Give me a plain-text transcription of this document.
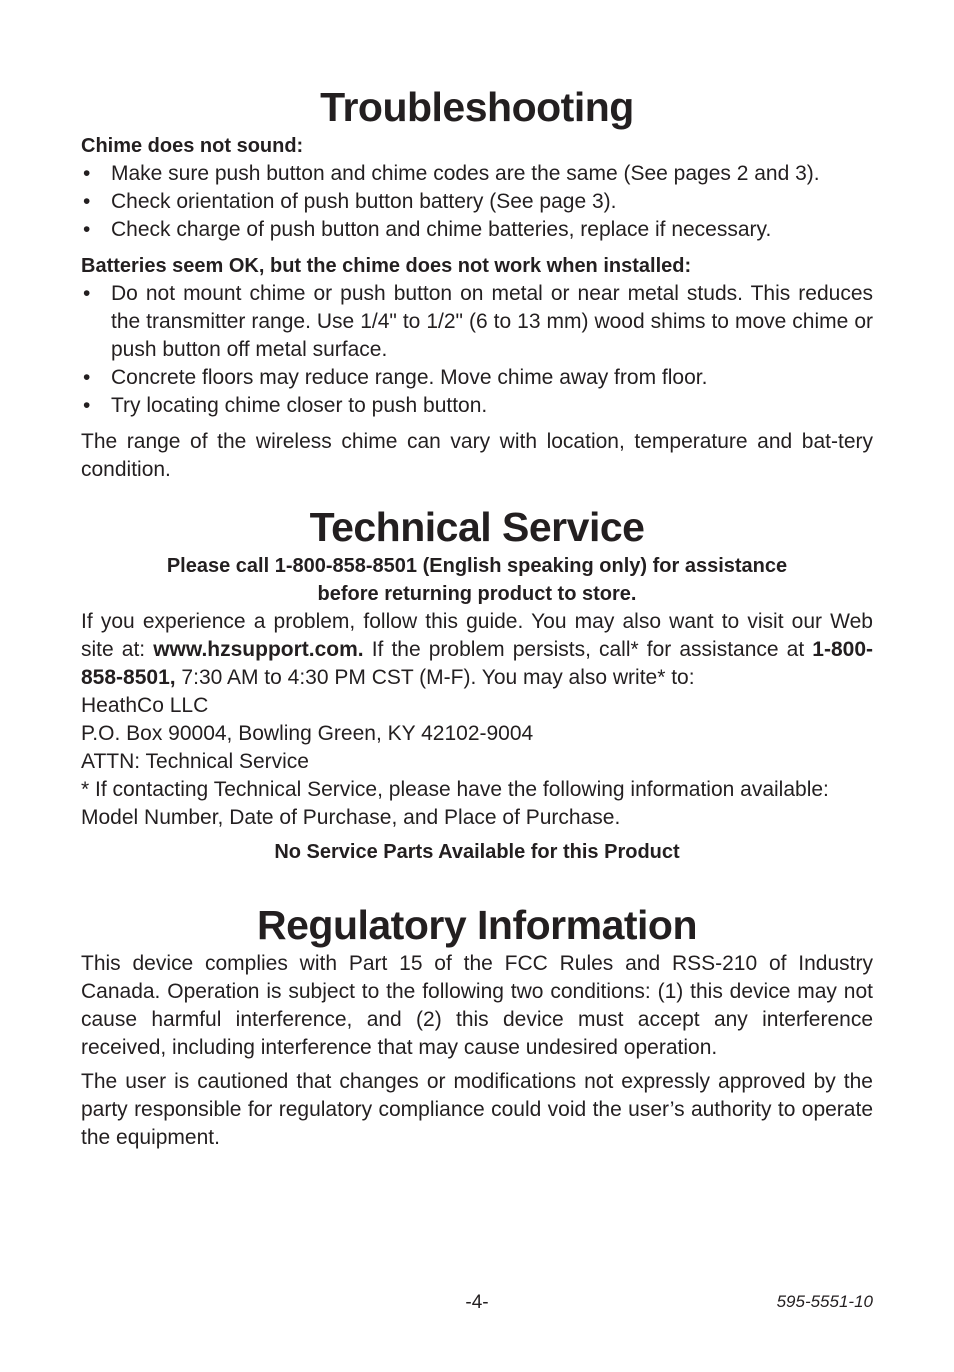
Troubleshooting

Chime does not sound:

• Make sure push button and chime codes are the same (See pages 2 and 3).
• Check orientation of push button battery (See page 3).
• Check charge of push button and chime batteries, replace if necessary.

Batteries seem OK, but the chime does not work when installed:

• Do not mount chime or push button on metal or near metal studs. This reduces the transmitter range. Use 1/4" to 1/2" (6 to 13 mm) wood shims to move chime or push button off metal surface.
• Concrete floors may reduce range. Move chime away from floor.
• Try locating chime closer to push button.

The range of the wireless chime can vary with location, temperature and bat-tery condition.

Technical Service

Please call 1-800-858-8501 (English speaking only) for assistance

before returning product to store.

If you experience a problem, follow this guide. You may also want to visit our Web site at: www.hzsupport.com. If the problem persists, call* for assistance at 1-800-858-8501, 7:30 AM to 4:30 PM CST (M-F). You may also write* to:

HeathCo LLC

P.O. Box 90004, Bowling Green, KY 42102-9004

ATTN: Technical Service

* If contacting Technical Service, please have the following information available: Model Number, Date of Purchase, and Place of Purchase.

No Service Parts Available for this Product

Regulatory Information

This device complies with Part 15 of the FCC Rules and RSS-210 of Industry Canada. Operation is subject to the following two conditions: (1) this device may not cause harmful interference, and (2) this device must accept any interference received, including interference that may cause undesired operation.

The user is cautioned that changes or modifications not expressly approved by the party responsible for regulatory compliance could void the user’s authority to operate the equipment.

-4-	595-5551-10
